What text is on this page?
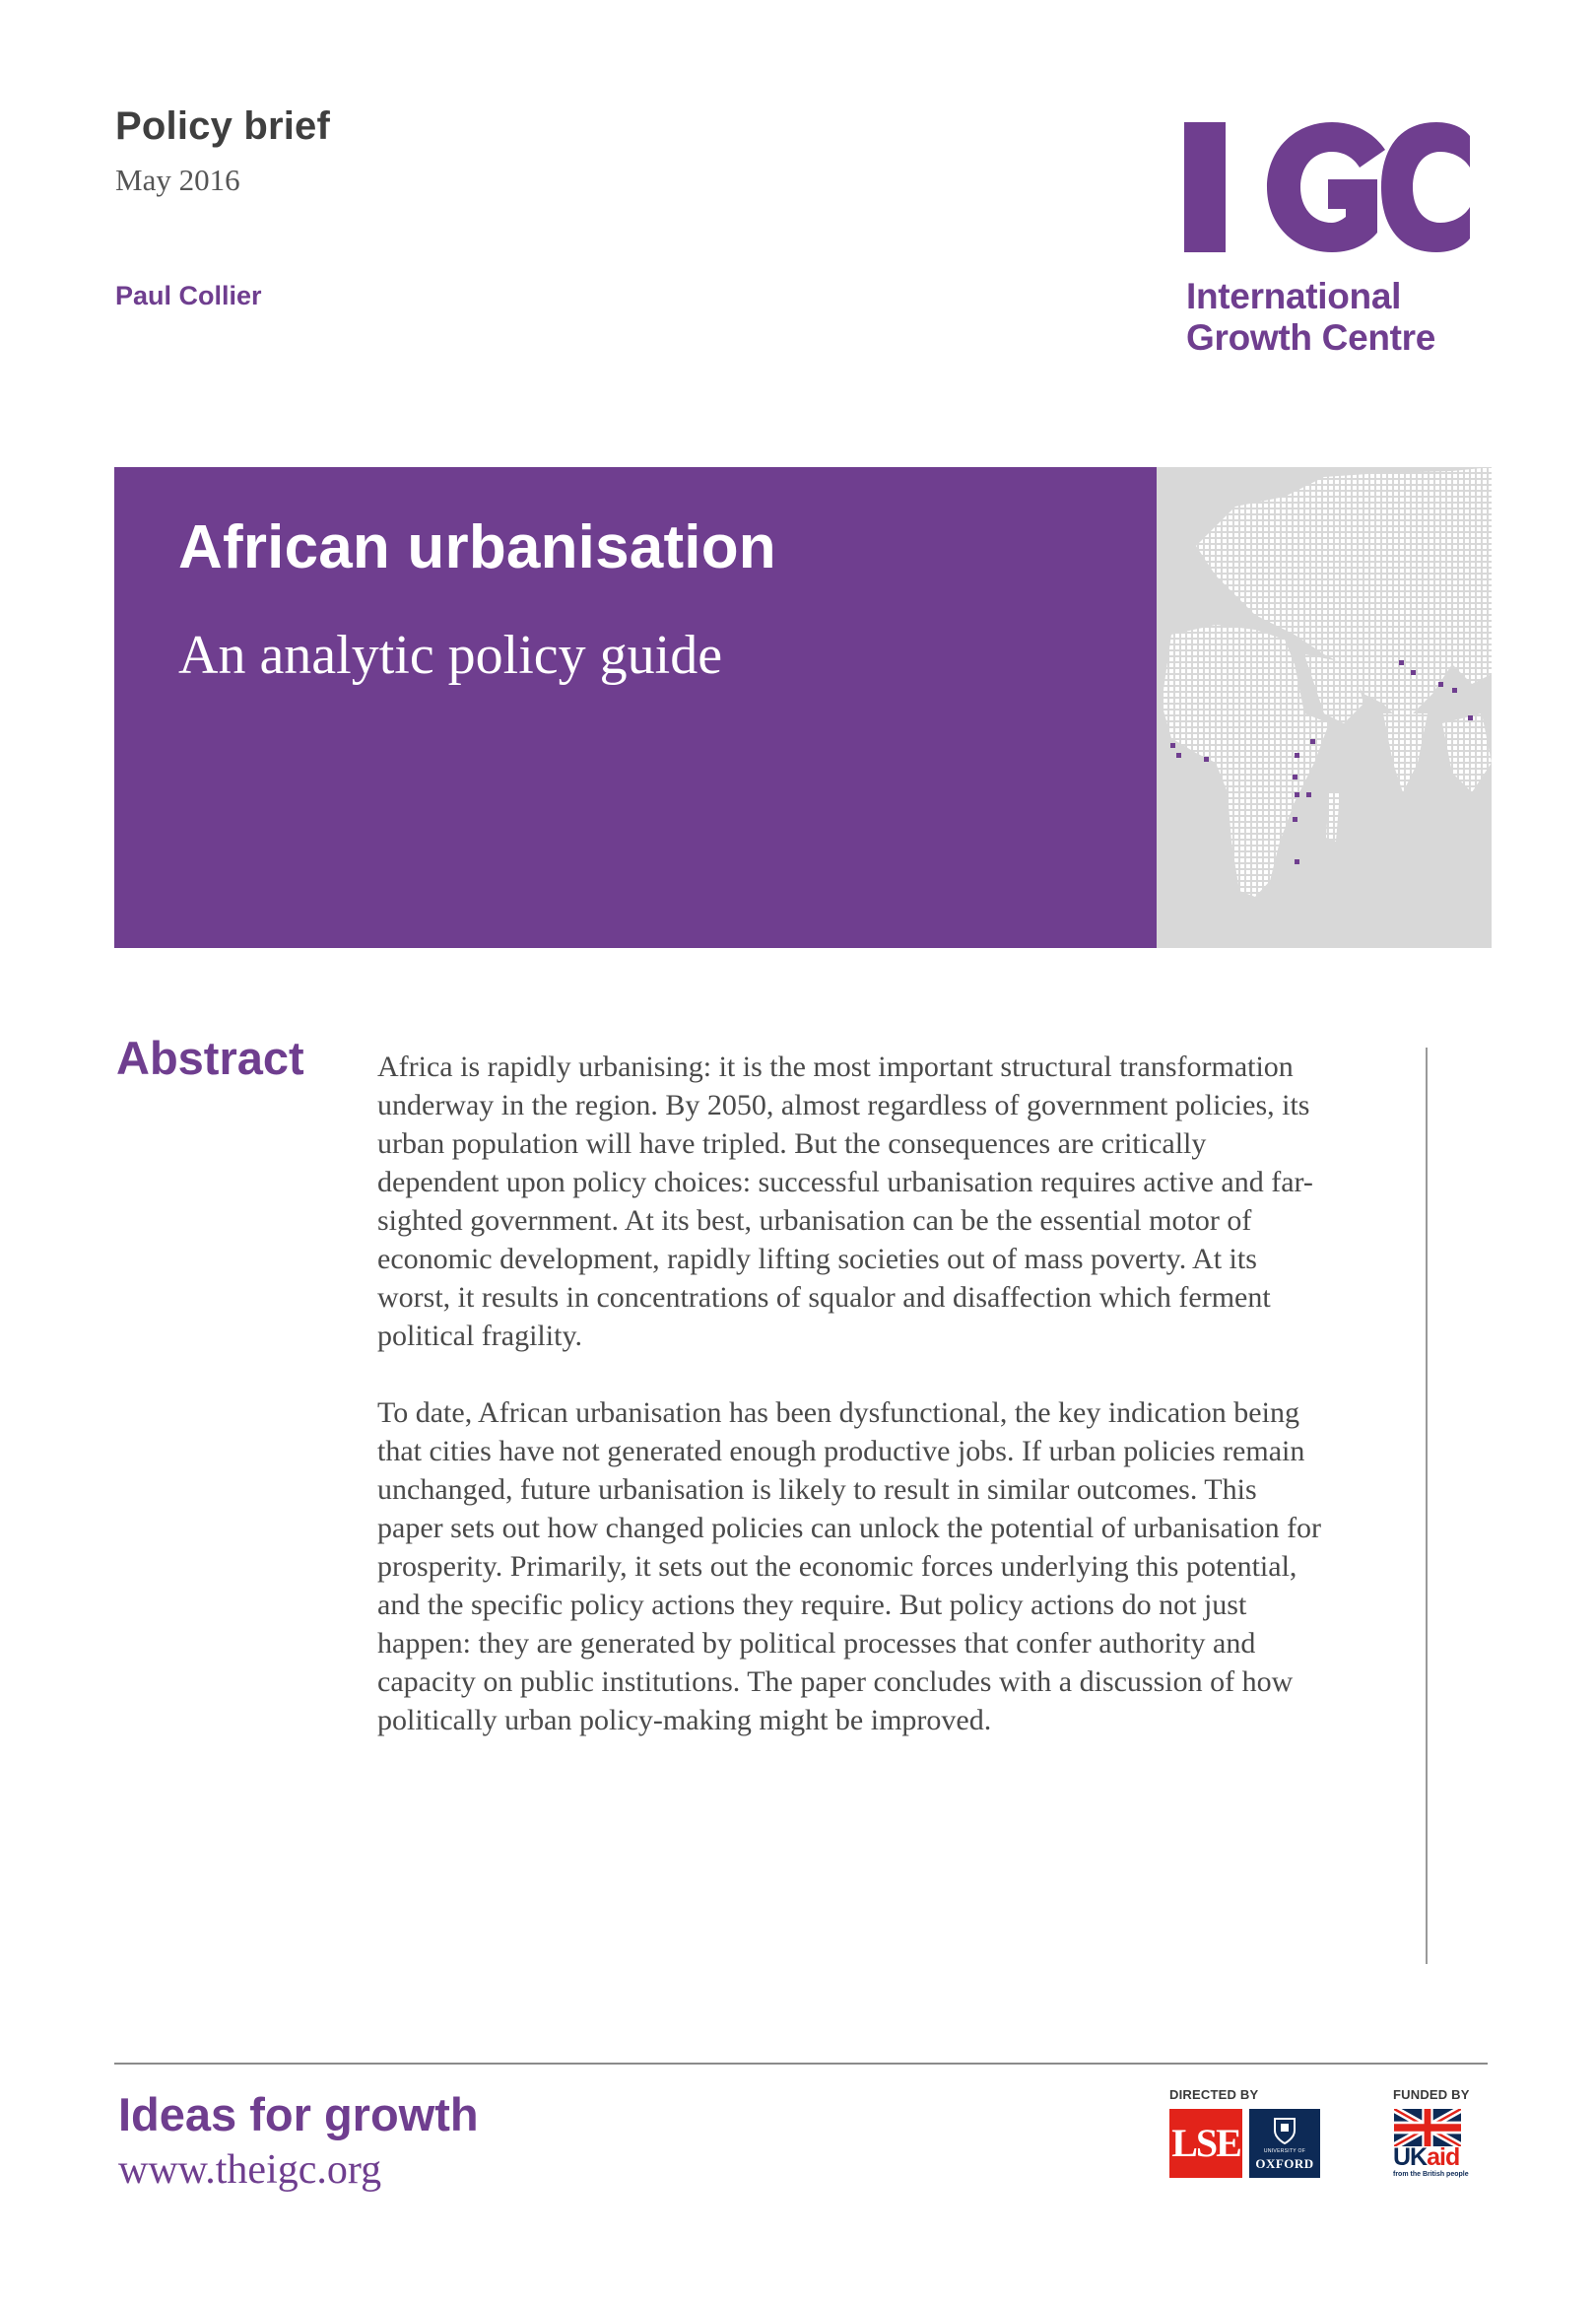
Policy brief
May 2016
Paul Collier	International
Growth Centre
African urbanisation
An analytic policy guide
Abstract Africa is rapidly urbanising: it is the most important structural transformation underway in the region. By 2050, almost regardless of government policies, its urban population will have tripled. But the consequences are critically dependent upon policy choices: successful urbanisation requires active and far-sighted government. At its best, urbanisation can be the essential motor of economic development, rapidly lifting societies out of mass poverty. At its worst, it results in concentrations of squalor and disaffection which ferment political fragility.

To date, African urbanisation has been dysfunctional, the key indication being that cities have not generated enough productive jobs. If urban policies remain unchanged, future urbanisation is likely to result in similar outcomes. This paper sets out how changed policies can unlock the potential of urbanisation for prosperity. Primarily, it sets out the economic forces underlying this potential, and the specific policy actions they require. But policy actions do not just happen: they are generated by political processes that confer authority and capacity on public institutions. The paper concludes with a discussion of how politically urban policy-making might be improved.

Ideas for growth
www.theigc.org
DIRECTED BY
LSE	UNIVERSITY OF
OXFORD
FUNDED BY
UKaid
from the British people
